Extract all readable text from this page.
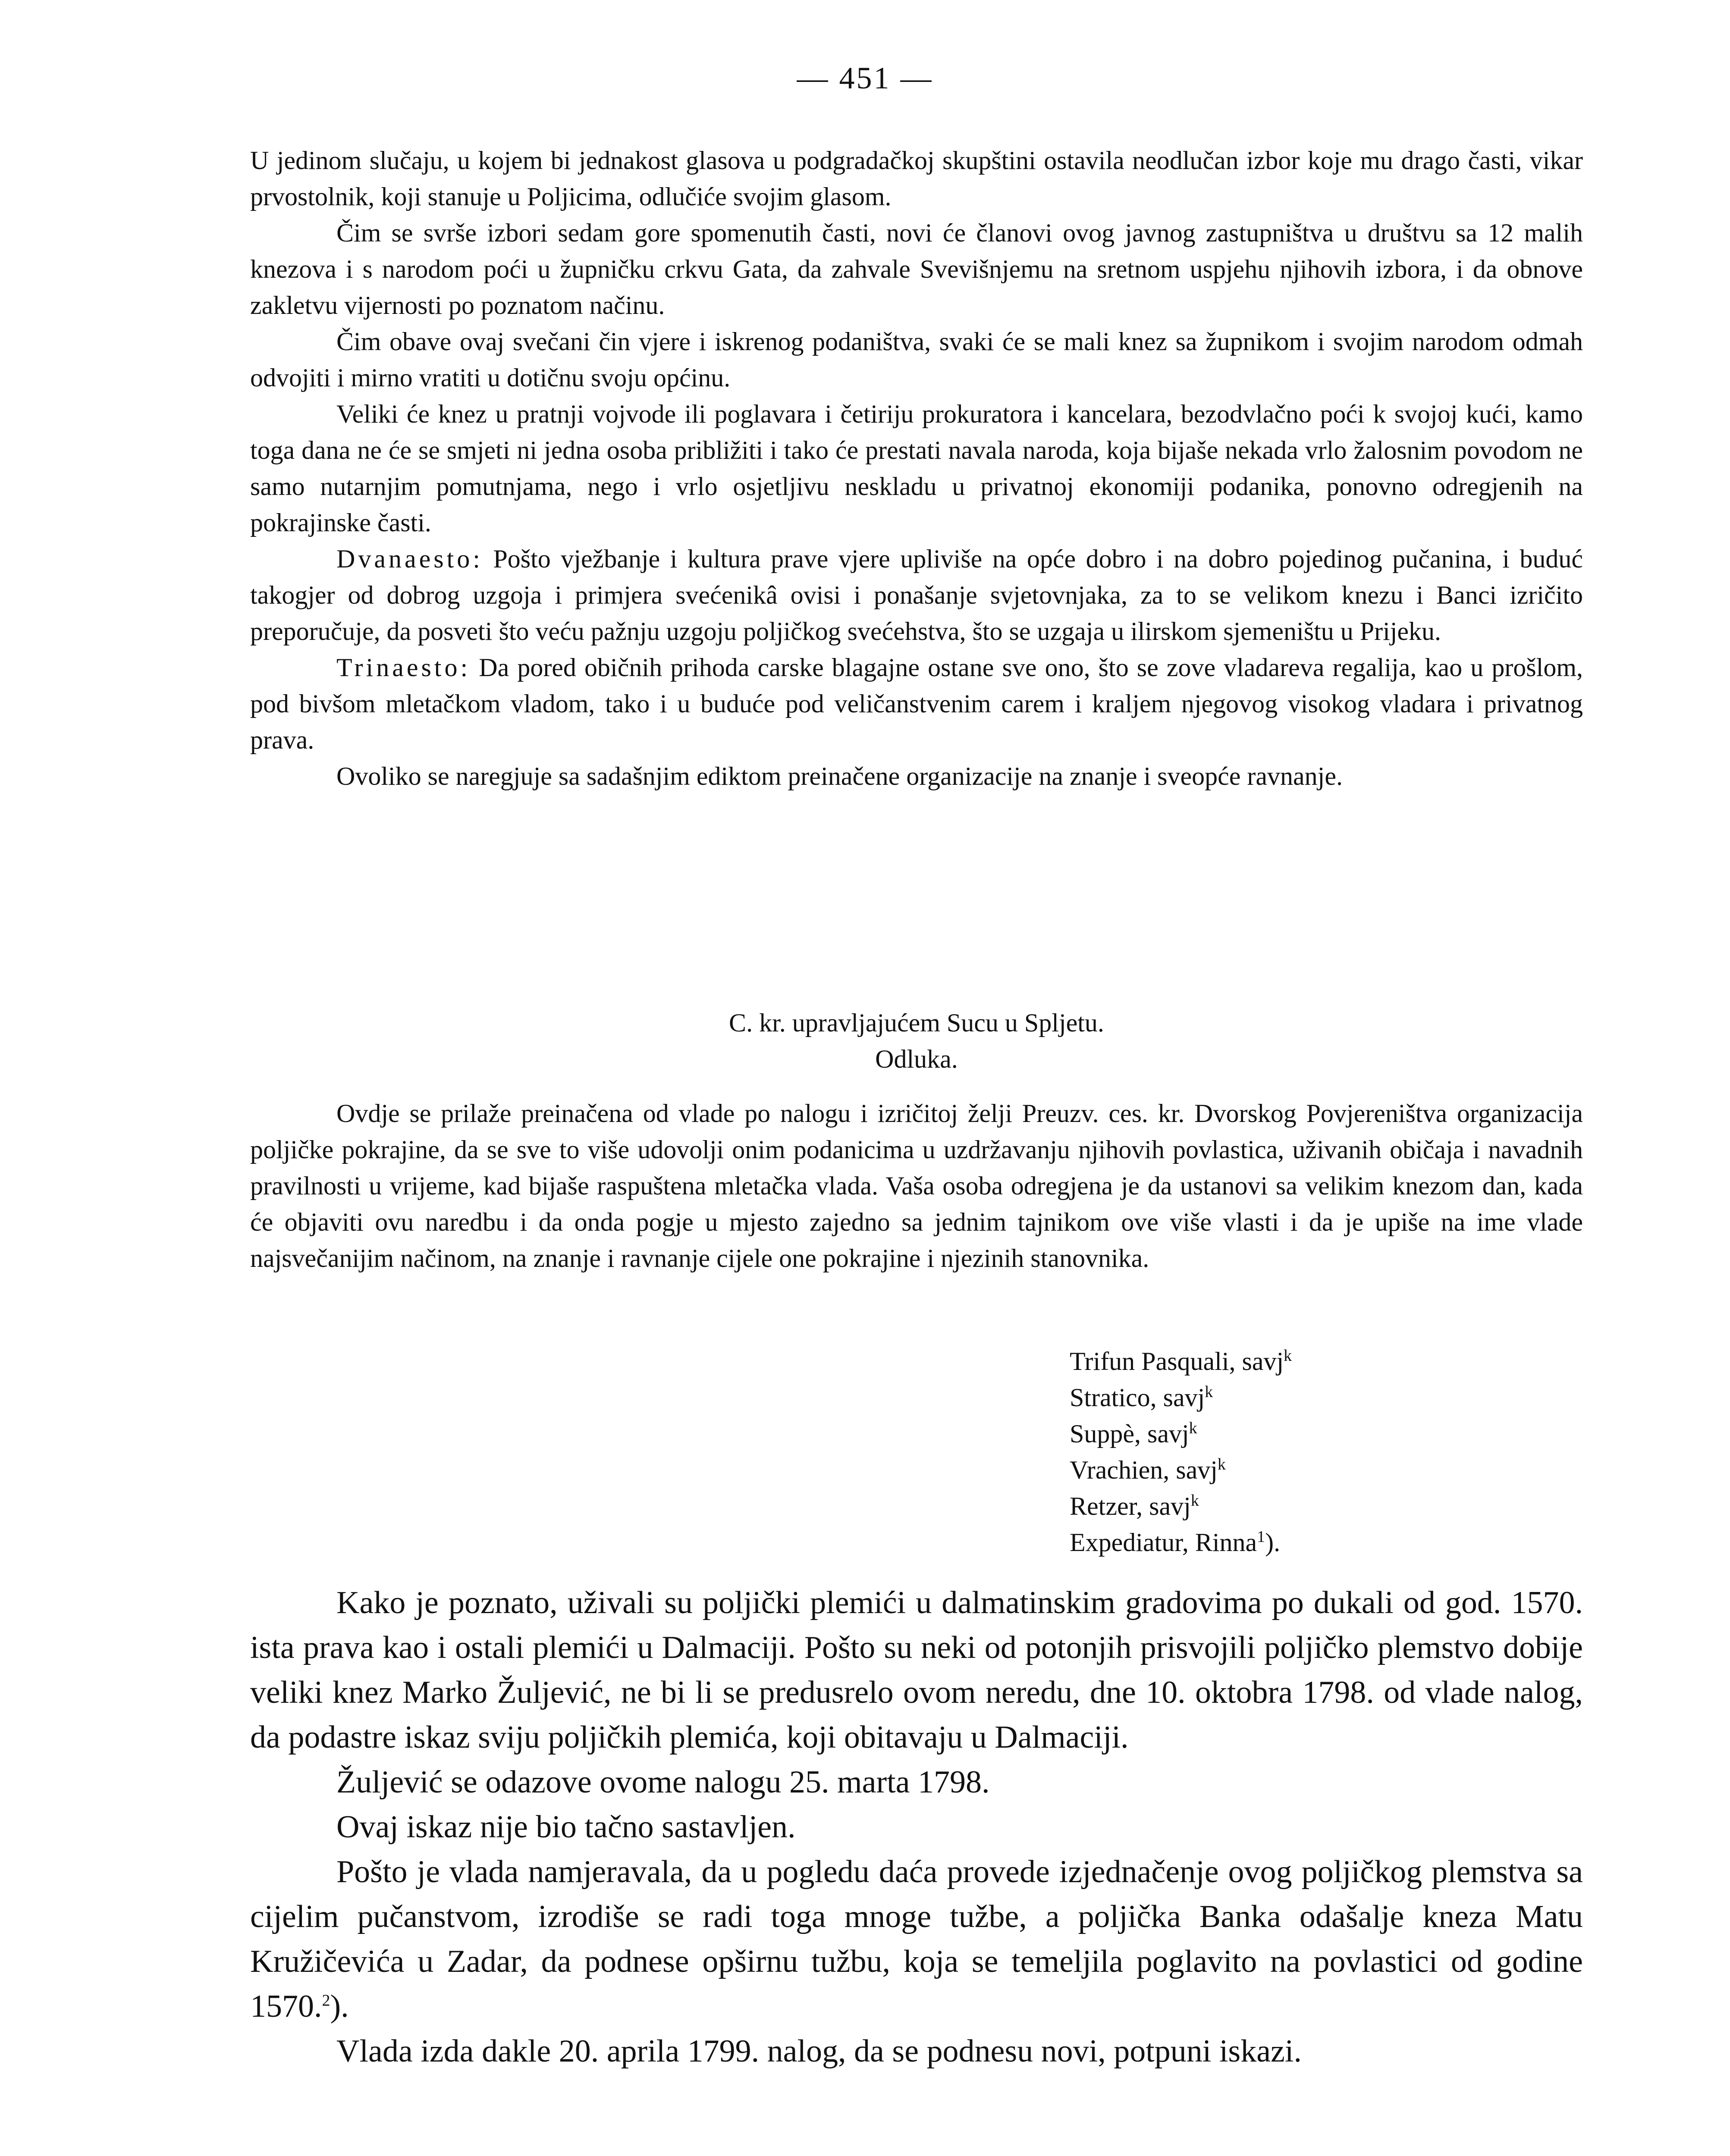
— 451 —

U jedinom slučaju, u kojem bi jednakost glasova u podgradačkoj skupštini ostavila neodlučan izbor koje mu drago časti, vikar prvostolnik, koji stanuje u Poljicima, odlučiće svojim glasom.

Čim se svrše izbori sedam gore spomenutih časti, novi će članovi ovog javnog zastupništva u društvu sa 12 malih knezova i s narodom poći u župničku crkvu Gata, da zahvale Svevišnjemu na sretnom uspjehu njihovih izbora, i da obnove zakletvu vijernosti po poznatom načinu.

Čim obave ovaj svečani čin vjere i iskrenog podaništva, svaki će se mali knez sa župnikom i svojim narodom odmah odvojiti i mirno vratiti u dotičnu svoju općinu.

Veliki će knez u pratnji vojvode ili poglavara i četiriju prokuratora i kancelara, bezodvlačno poći k svojoj kući, kamo toga dana ne će se smjeti ni jedna osoba približiti i tako će prestati navala naroda, koja bijaše nekada vrlo žalosnim povodom ne samo nutarnjim pomutnjama, nego i vrlo osjetljivu neskladu u privatnoj ekonomiji podanika, ponovno odregjenih na pokrajinske časti.

Dvanaesto: Pošto vježbanje i kultura prave vjere upliviše na opće dobro i na dobro pojedinog pučanina, i buduć takogjer od dobrog uzgoja i primjera svećenikâ ovisi i ponašanje svjetovnjaka, za to se velikom knezu i Banci izričito preporučuje, da posveti što veću pažnju uzgoju poljičkog svećehstva, što se uzgaja u ilirskom sjemeništu u Prijeku.

Trinaesto: Da pored običnih prihoda carske blagajne ostane sve ono, što se zove vladareva regalija, kao u prošlom, pod bivšom mletačkom vladom, tako i u buduće pod veličanstvenim carem i kraljem njegovog visokog vladara i privatnog prava.

Ovoliko se naregjuje sa sadašnjim ediktom preinačene organizacije na znanje i sveopće ravnanje.

C. kr. upravljajućem Sucu u Spljetu.
Odluka.

Ovdje se prilaže preinačena od vlade po nalogu i izričitoj želji Preuzv. ces. kr. Dvorskog Povjereništva organizacija poljičke pokrajine, da se sve to više udovolji onim podanicima u uzdržavanju njihovih povlastica, uživanih običaja i navadnih pravilnosti u vrijeme, kad bijaše raspuštena mletačka vlada. Vaša osoba odregjena je da ustanovi sa velikim knezom dan, kada će objaviti ovu naredbu i da onda pogje u mjesto zajedno sa jednim tajnikom ove više vlasti i da je upiše na ime vlade najsvečanijim načinom, na znanje i ravnanje cijele one pokrajine i njezinih stanovnika.

Trifun Pasquali, savj$^k$
Stratico, savj$^k$
Suppè, savj$^k$
Vrachien, savj$^k$
Retzer, savj$^k$
Expediatur, Rinna$^1$).

Kako je poznato, uživali su poljički plemići u dalmatinskim gradovima po dukali od god. 1570. ista prava kao i ostali plemići u Dalmaciji. Pošto su neki od potonjih prisvojili poljičko plemstvo dobije veliki knez Marko Žuljević, ne bi li se predusrelo ovom neredu, dne 10. oktobra 1798. od vlade nalog, da podastre iskaz sviju poljičkih plemića, koji obitavaju u Dalmaciji.

Žuljević se odazove ovome nalogu 25. marta 1798.

Ovaj iskaz nije bio tačno sastavljen.

Pošto je vlada namjeravala, da u pogledu daća provede izjednačenje ovog poljičkog plemstva sa cijelim pučanstvom, izrodiše se radi toga mnoge tužbe, a poljička Banka odašalje kneza Matu Kružičevića u Zadar, da podnese opširnu tužbu, koja se temeljila poglavito na povlastici od godine 1570.$^2$).

Vlada izda dakle 20. aprila 1799. nalog, da se podnesu novi, potpuni iskazi.
